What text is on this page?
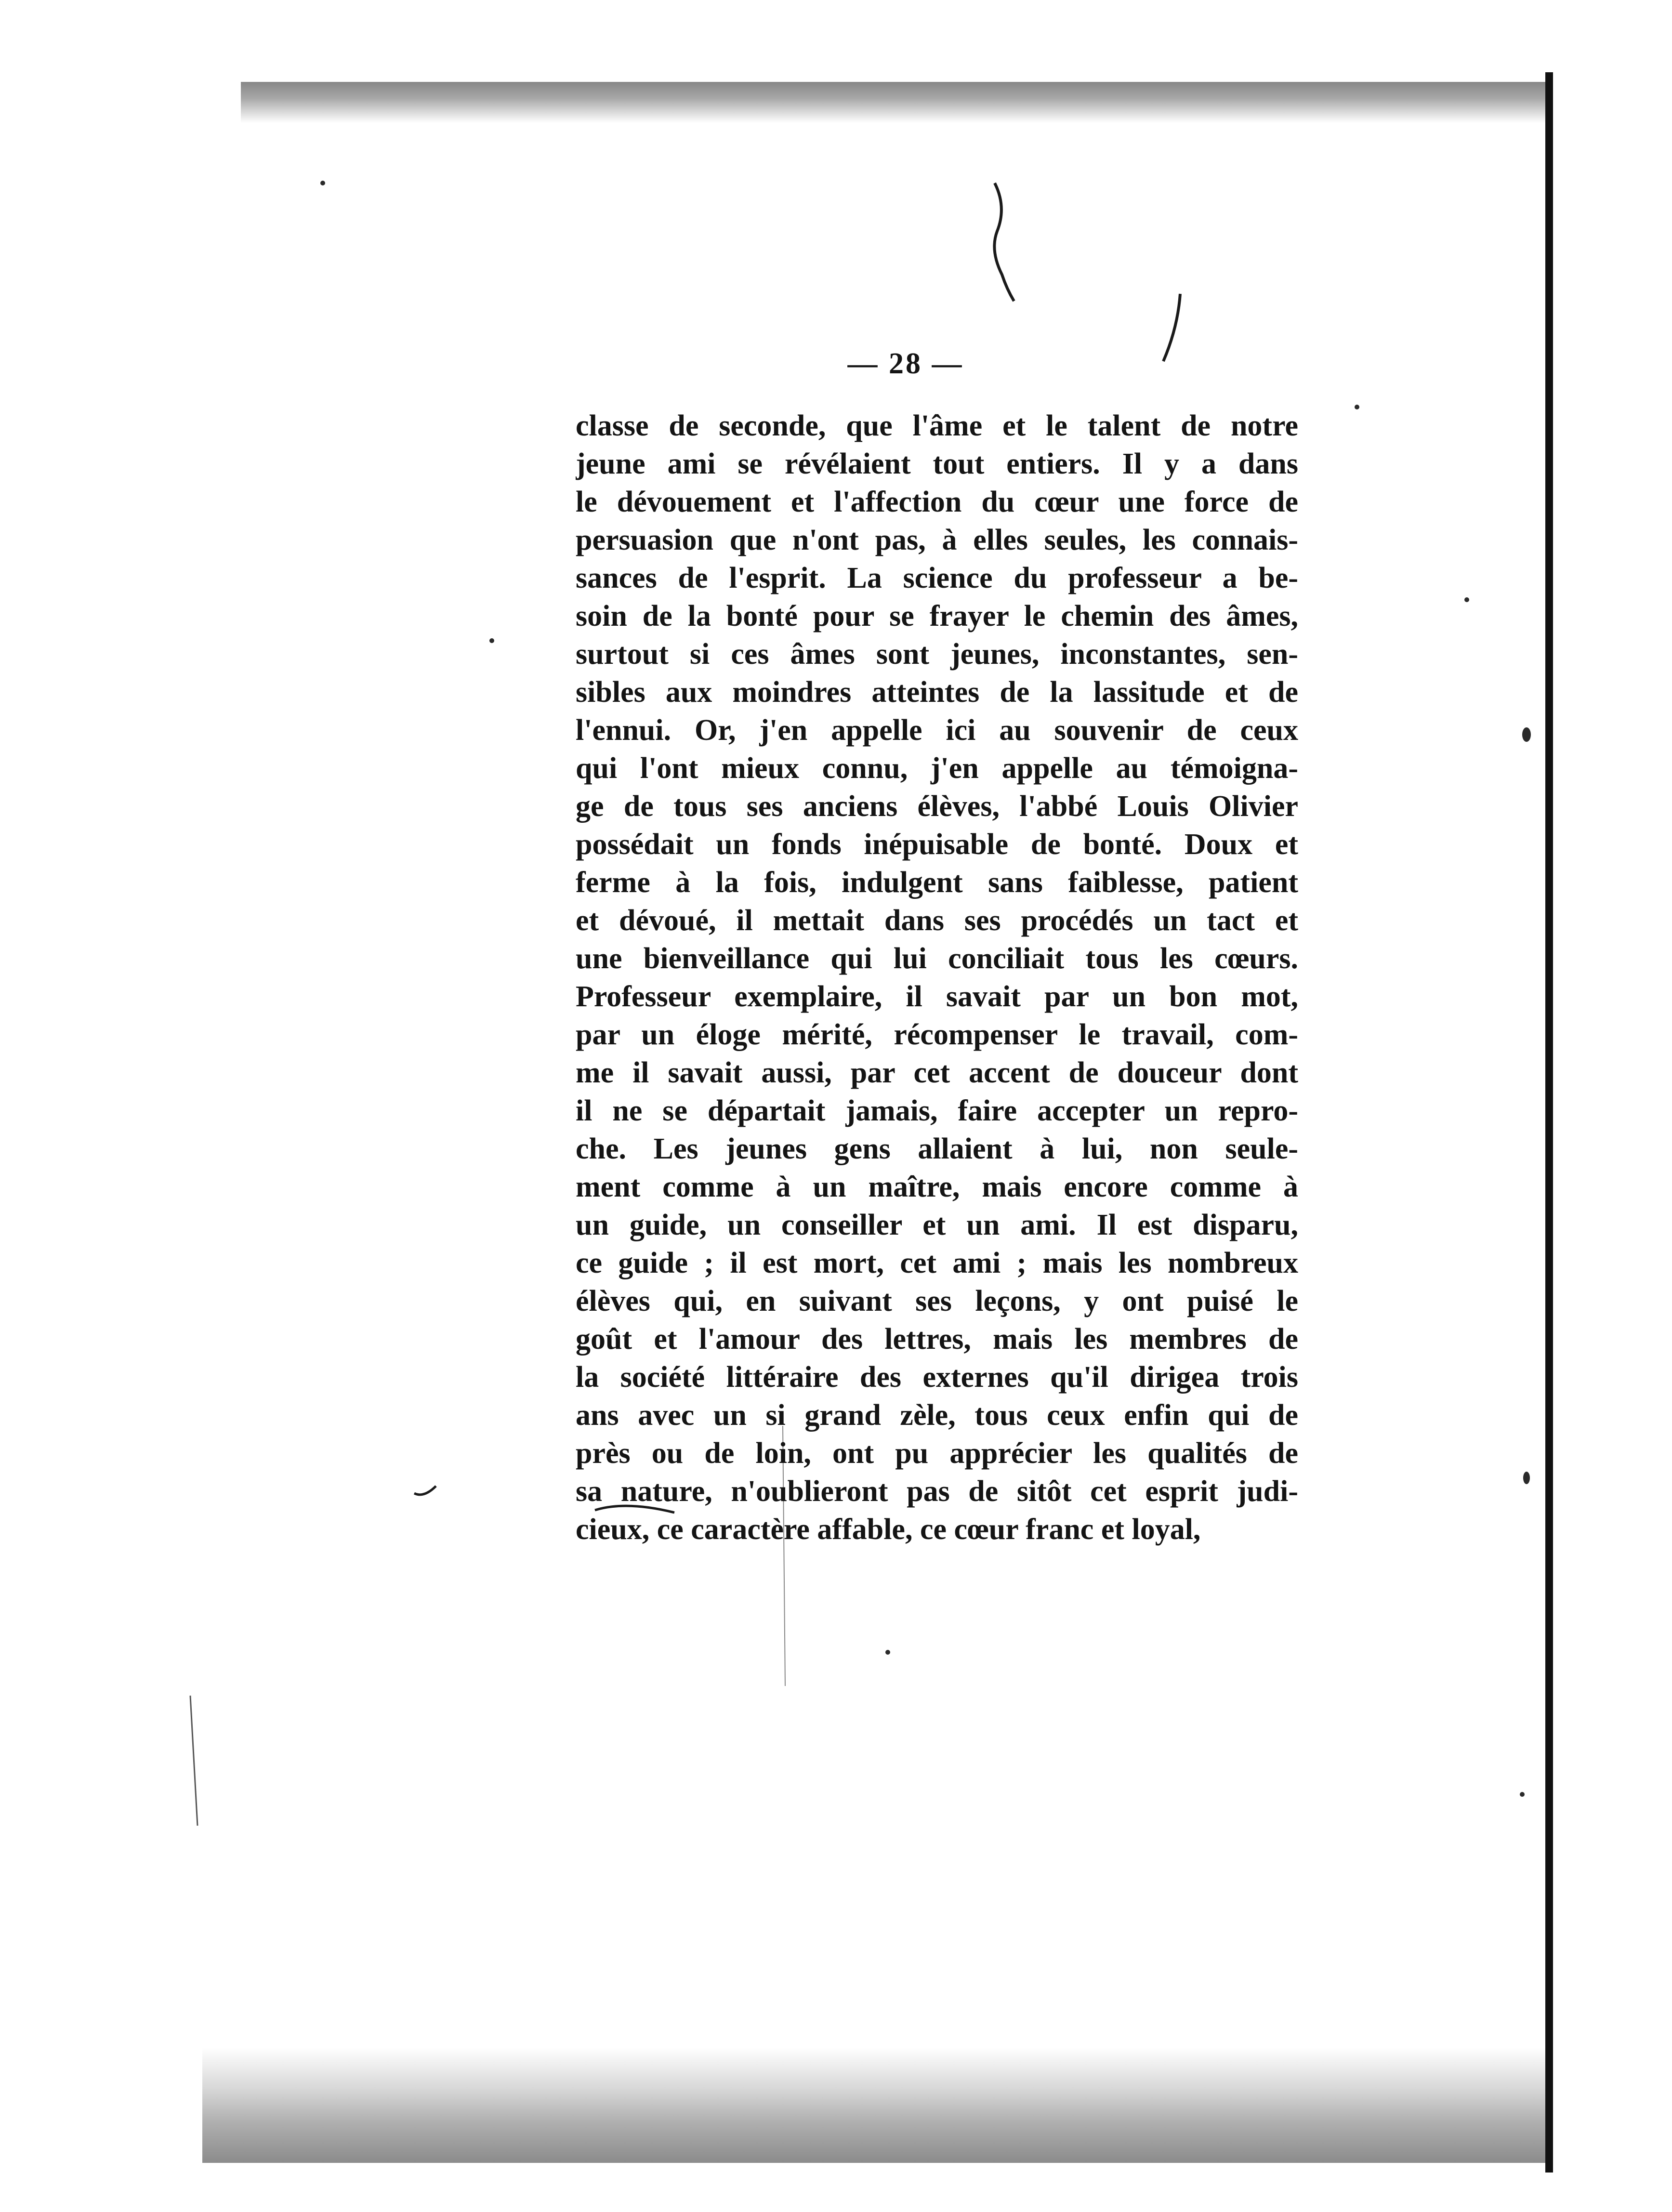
— 28 —
classe de seconde, que l'âme et le talent de notre
jeune ami se révélaient tout entiers. Il y a dans
le dévouement et l'affection du cœur une force de
persuasion que n'ont pas, à elles seules, les connais-
sances de l'esprit. La science du professeur a be-
soin de la bonté pour se frayer le chemin des âmes,
surtout si ces âmes sont jeunes, inconstantes, sen-
sibles aux moindres atteintes de la lassitude et de
l'ennui. Or, j'en appelle ici au souvenir de ceux
qui l'ont mieux connu, j'en appelle au témoigna-
ge de tous ses anciens élèves, l'abbé Louis Olivier
possédait un fonds inépuisable de bonté. Doux et
ferme à la fois, indulgent sans faiblesse, patient
et dévoué, il mettait dans ses procédés un tact et
une bienveillance qui lui conciliait tous les cœurs.
Professeur exemplaire, il savait par un bon mot,
par un éloge mérité, récompenser le travail, com-
me il savait aussi, par cet accent de douceur dont
il ne se départait jamais, faire accepter un repro-
che. Les jeunes gens allaient à lui, non seule-
ment comme à un maître, mais encore comme à
un guide, un conseiller et un ami. Il est disparu,
ce guide ; il est mort, cet ami ; mais les nombreux
élèves qui, en suivant ses leçons, y ont puisé le
goût et l'amour des lettres, mais les membres de
la société littéraire des externes qu'il dirigea trois
ans avec un si grand zèle, tous ceux enfin qui de
près ou de loin, ont pu apprécier les qualités de
sa nature, n'oublieront pas de sitôt cet esprit judi-
cieux, ce caractère affable, ce cœur franc et loyal,
